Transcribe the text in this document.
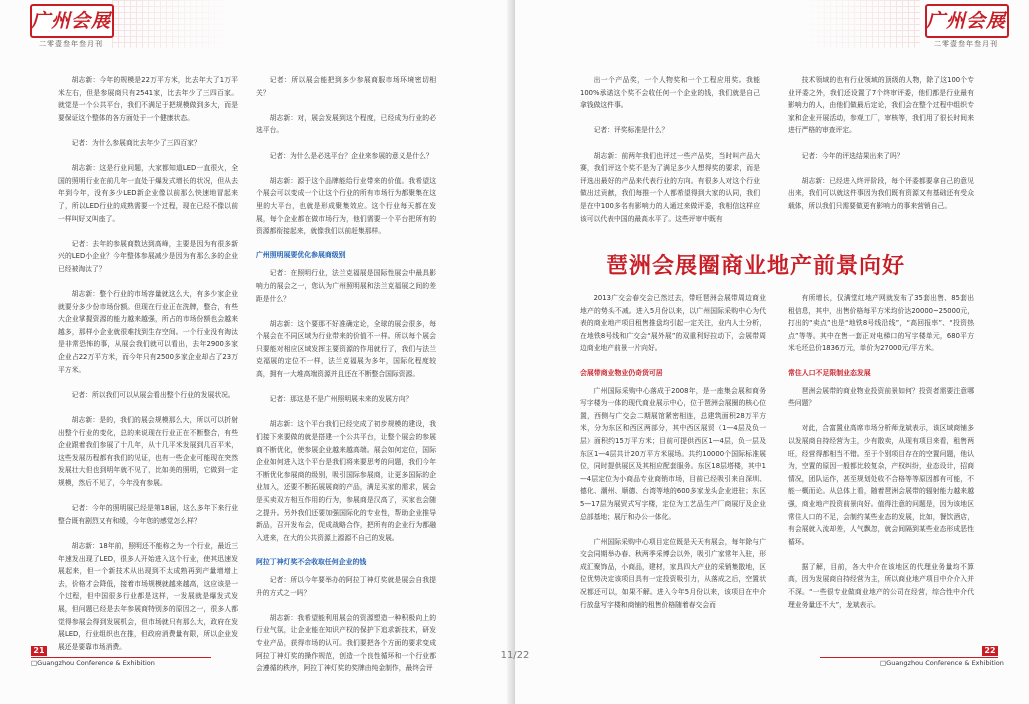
广州会展
二零壹叁年叁月刊

胡志新：今年的规模是22万平方米，比去年大了1万平米左右，但是参展商只有2541家，比去年少了三四百家。就觉是一个公共平台，我们不满足于把规模做到多大，而是要保证这个整体的各方面处于一个健康状态。

记者：为什么参展商比去年少了三四百家？

胡志新：这是行业问题，大家都知道LED一直很火，全国的照明行业在前几年一直处于爆发式增长的状况，但从去年到今年，没有多少LED新企业像以前那么快速地冒起来了，所以LED行业的成熟需要一个过程，现在已经不像以前一样叫好又叫座了。

记者：去年的参展商数达到高峰，主要是因为有很多新兴的LED小企业？今年整体参展减少是因为有那么多的企业已经被淘汰了？

胡志新：整个行业的市场容量就这么大，有多少家企业就要分多少份市场份额。但现在行业正在洗牌，整合，有些大企业掌握资源的能力越来越强，所占的市场份额也会越来越多，那样小企业就很难找到生存空间。一个行业没有淘汰是非常恐怖的事，从展会我们就可以看出，去年2900多家企业占22万平方米，而今年只有2500多家企业却占了23万平方米。

记者：所以我们可以从展会看出整个行业的发展状况。

胡志新：是的，我们的展会规模那么大，所以可以折射出整个行业的变化，总的来说现在行业正在不断整合，有些企业跟着我们参展了十几年，从十几平米发展到几百平米，这些发展历程都有我们的见证，也有一些企业可能现在突然发展壮大但也到明年就不见了，比如美的照明，它做到一定规模，然后不见了，今年没有参展。

记者：今年的照明展已经是第18届，这么多年下来行业整合既有剧烈又有和缓，今年您的感觉怎么样？

胡志新：18年前，照明还不能称之为一个行业，最近三年速发出现了LED，很多人开始进入这个行业，使其迅速发展起来，但一个新技术从出现到不太成熟再到产量增增上去，价格才会降低，接着市场规模就越来越高，这应该是一个过程，但中国很多行业都是这样，一发展就是爆发式发展，但问题已经是去年参展商特别多的原因之一，很多人都觉得参展会得到发展机会，但市场就只有那么大，政府在发展LED，行业组织也在推，但政府消费量有限，所以企业发展还是要靠市场消费。

记者：所以展会能把到多少参展商服市场环境密切相关？

胡志新：对，展会发展到这个程度，已经成为行业的必选平台。

记者：为什么是必选平台？企业来参展的意义是什么？

胡志新：源于这个品牌能给行业带来的价值。我希望这个展会可以变成一个让这个行业的所有市场行为都聚集在这里的大平台，也就是形成聚集效应。这个行业每天都在发展，每个企业都在做市场行为，他们需要一个平台把所有的资源都衔接起来，就像我们以前赶集那样。

广州照明展要优化参展商级别

记者：在照明行业，法兰克福展是国际性展会中最具影响力的展会之一，您认为广州照明展和法兰克福展之间的差距是什么？

胡志新：这个要那不好准确定论，全球的展会很多，每个展会在不同区域为行业带来的价值不一样。所以每个展会只要能对相应区域发挥主要资源的作用就行了，我们与法兰克福展的定位不一样，法兰克福展为多年，国际化程度较高，拥有一大堆高端资源并且还在不断整合国际资源。

记者：那这是不是广州照明展未来的发展方向？

胡志新：这个平台我们已经完成了初步规模的建设，我们接下来要做的就是搭建一个公共平台，让整个展会的参展商不断优化，使参展企业越来越高端。展会如何定位，国际企业如何进入这个平台是我们将来要思考的问题，我们今年不断优化参展商的级别，吸引国际参展商，让更多国际的企业加入，还要不断拓展展商的产品，满足买家的需求，展会是买卖双方相互作用的行为，参展商是汉高了，买家也会随之提升。另外我们还要加强国际化的专业性，帮助企业推导新品，召开发布会，促成战略合作，把所有的企业行为都融入进来，在大的公共资源上源源不自己的发展。

阿拉丁神灯奖不会收取任何企业的钱

记者：所以今年要举办的阿拉丁神灯奖就是展会自我提升的方式之一吗？

胡志新：我希望能利用展会的资源塑造一种积极向上的行业气氛，让企业能在知识产权的保护下追求新技术，研发专业产品，获得市场的认可。我们要把各个方面的要求变成阿拉丁神灯奖的操作规范，创造一个良性循环和一个行业都会遵循的秩序，阿拉丁神灯奖的奖牌由纯金制作，最终会评

21
□Guangzhou Conference & Exhibition
广州会展
二零壹叁年叁月刊

出一个产品奖，一个人物奖和一个工程应用奖。我能100%承诺这个奖不会收任何一个企业的钱，我们就是自己拿钱做这件事。

记者：评奖标准是什么？

胡志新：前两年我们也评过一些产品奖，当时叫产品大赛，我们评这个奖不是为了满足多少人想得奖的要求，而是评选出最好的产品来代表行业的方向。有很多人对这个行业做出过贡献，我们每推一个人都希望得到大家的认同，我们是在中100多名有影响力的人通过来做评委，我相信这样应该可以代表中国的最高水平了。这些评审中既有

技术领域的也有行业领域的顶级的人物，除了这100个专业评委之外，我们还设置了7个终审评委，他们都是行业最有影响力的人，由他们做最后定论，我们会在整个过程中组织专家和企业开展活动，参观工厂，审核等，我们用了很长时间来进行严格的审查评定。

记者：今年的评选结果出来了吗？

胡志新：已经进入终评阶段，每个评委都要拿自己的意见出来，我们可以就这件事因为我们既有资源又有基础还有受众载体，所以我们只需要做更有影响力的事来营销自己。

琶洲会展圈商业地产前景向好

2013广交会春交会已然过去，带旺琶洲会展带周边商业地产的势头不减。进入5月份以来，以广州国际采购中心为代表的商业地产项目租售推盘均引起一定关注，业内人士分析，在地铁8号线和广交会“展外展”的双重利好拉动下，会展带周边商业地产前景一片向好。

会展带商业物业仍奇货可居

广州国际采购中心落成于2008年，是一座集会展和商务写字楼为一体的现代商业展示中心，位于琶洲会展圈的核心位置，西侧与广交会二期展馆紧密相连，总建筑面积28万平方米，分为东区和西区两部分，其中西区展贸（1—4层及负一层）面积约15万平方米；目前可提供西区1—4层，负一层及东区1—4层共计20万平方米展场。共约10000个国际标准展位，同时提供展区及其相应配套服务。东区18层塔楼，其中1—4层定位为小商品专业商销市场，目前已经吸引来自深圳、德化、潮州、顺德、台湾等地的600多家龙头企业进驻；东区5—17层为展贸式写字楼，定位为工艺品生产厂商展厅及企业总部基地；展厅和办公一体化。

广州国际采购中心项目定位既是天天有展会，每年除与广交会同期举办春、秋两季采博会以外，吸引广家常年入驻，形成汇聚饰品，小商品，建材，家具四大产业的采销集散地，区位优势决定该项目具有一定投资吸引力，从落成之后，空置状况都还可以，如果不解。进入今年5月份以来，该项目在中介行放盘写字楼和商铺的租售价格随着春交会而

有所增长，仅满堂红地产网就发布了35套出售、85套出租信息，其中，出售价格每平方米均价达20000~25000元，打出的“卖点”也是“地铁8号线沿线”，“高回报率”、“投资热点”等等。其中在售一套正对电梯口的写字楼单元，680平方米毛坯总价1836万元，单价为27000元/平方米。

常住人口不足限制业态发展

琶洲会展带的商业物业投资前景如何？投资者需要注意哪些问题？

对此，合富置业高席市场分析师龙斌表示，该区域商铺多以发展商自持经营为主，少有散卖，从现有项目来看，租售两旺，经营得都相当不错。至于个别项目存在的空置问题，他认为，空置的原因一般都比较复杂，产权纠纷，业态设计，招商情况，团队运作，甚至规划处收不合格等等原因都有可能，不能一概而论。从总体上看，随着琶洲会展带的辐射能力越来越强，商业地产投资前景向好。值得注意的问题是，因为该地区常住人口的不足，会制约某些业态的发展，比如，餐饮酒店，有会展就入流却差，人气飘忽，就会间隔到某些业态形成恶性循环。

据了解，目前，各大中介在该地区的代理业务量均不算高，因为发展商自持经营为主，所以商业地产项目中介介入并不深。“一些很专业做商业地产的公司在经营，综合性中介代理业务量还不大”，龙斌表示。

22
□Guangzhou Conference & Exhibition
11/22
